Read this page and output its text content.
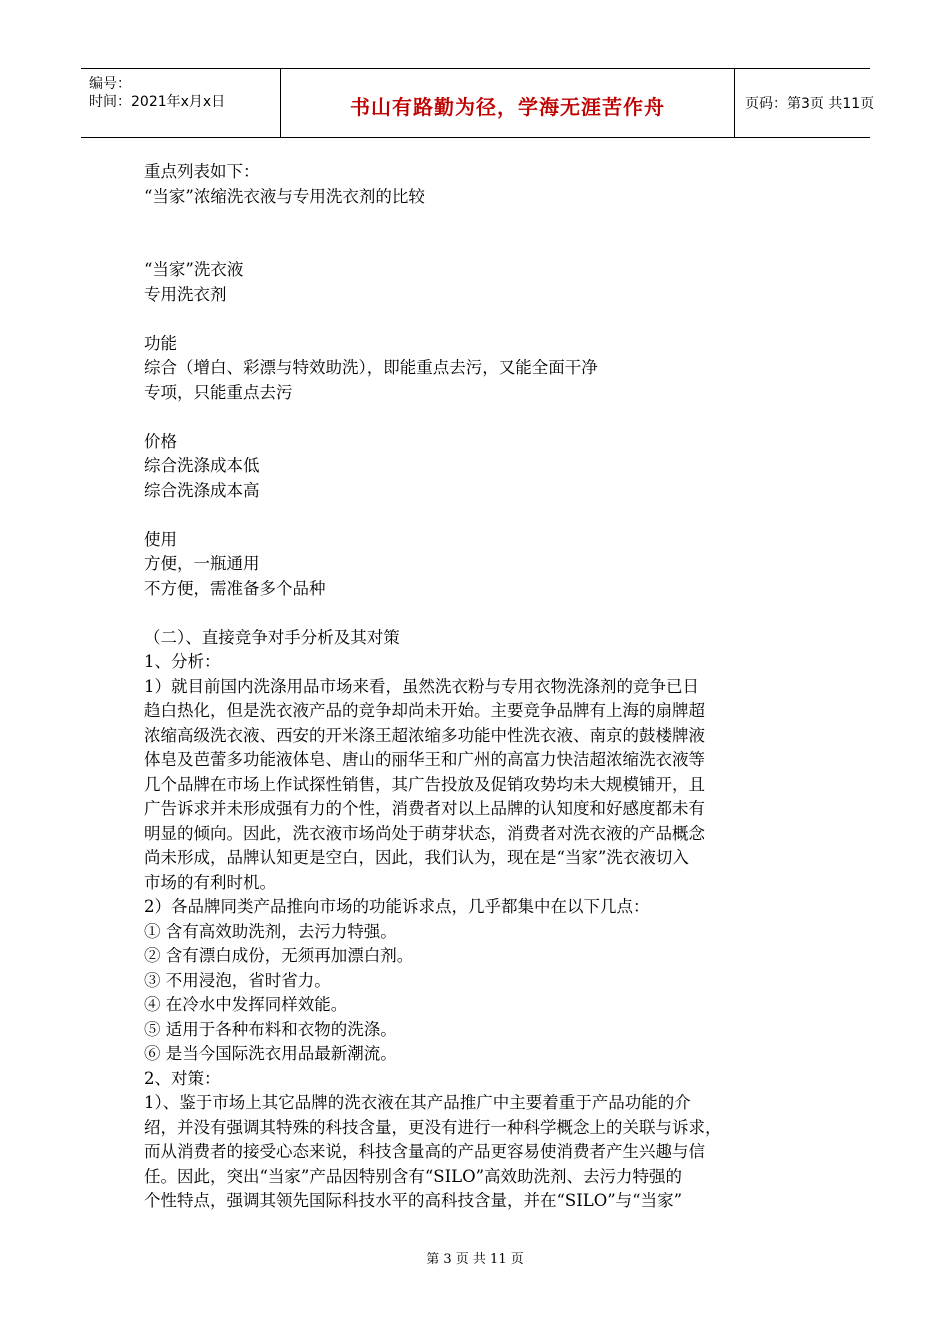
编号：
时间：2021年x月x日	书山有路勤为径，学海无涯苦作舟	页码：第3页 共11页

重点列表如下：

“当家”浓缩洗衣液与专用洗衣剂的比较

“当家”洗衣液

专用洗衣剂

功能

综合（增白、彩漂与特效助洗），即能重点去污，又能全面干净

专项，只能重点去污

价格

综合洗涤成本低

综合洗涤成本高

使用

方便，一瓶通用

不方便，需准备多个品种

（二）、直接竞争对手分析及其对策

1、分析：

1）就目前国内洗涤用品市场来看，虽然洗衣粉与专用衣物洗涤剂的竞争已日

趋白热化，但是洗衣液产品的竞争却尚未开始。主要竞争品牌有上海的扇牌超

浓缩高级洗衣液、西安的开米涤王超浓缩多功能中性洗衣液、南京的鼓楼牌液

体皂及芭蕾多功能液体皂、唐山的丽华王和广州的高富力快洁超浓缩洗衣液等

几个品牌在市场上作试探性销售，其广告投放及促销攻势均未大规模铺开，且

广告诉求并未形成强有力的个性，消费者对以上品牌的认知度和好感度都未有

明显的倾向。因此，洗衣液市场尚处于萌芽状态，消费者对洗衣液的产品概念

尚未形成，品牌认知更是空白，因此，我们认为，现在是“当家”洗衣液切入

市场的有利时机。

2）各品牌同类产品推向市场的功能诉求点，几乎都集中在以下几点：

① 含有高效助洗剂，去污力特强。

② 含有漂白成份，无须再加漂白剂。

③ 不用浸泡，省时省力。

④ 在冷水中发挥同样效能。

⑤ 适用于各种布料和衣物的洗涤。

⑥ 是当今国际洗衣用品最新潮流。

2、对策：

1）、鉴于市场上其它品牌的洗衣液在其产品推广中主要着重于产品功能的介

绍，并没有强调其特殊的科技含量，更没有进行一种科学概念上的关联与诉求，

而从消费者的接受心态来说，科技含量高的产品更容易使消费者产生兴趣与信

任。因此，突出“当家”产品因特别含有“SILO”高效助洗剂、去污力特强的

个性特点，强调其领先国际科技水平的高科技含量，并在“SILO”与“当家”

第 3 页 共 11 页
